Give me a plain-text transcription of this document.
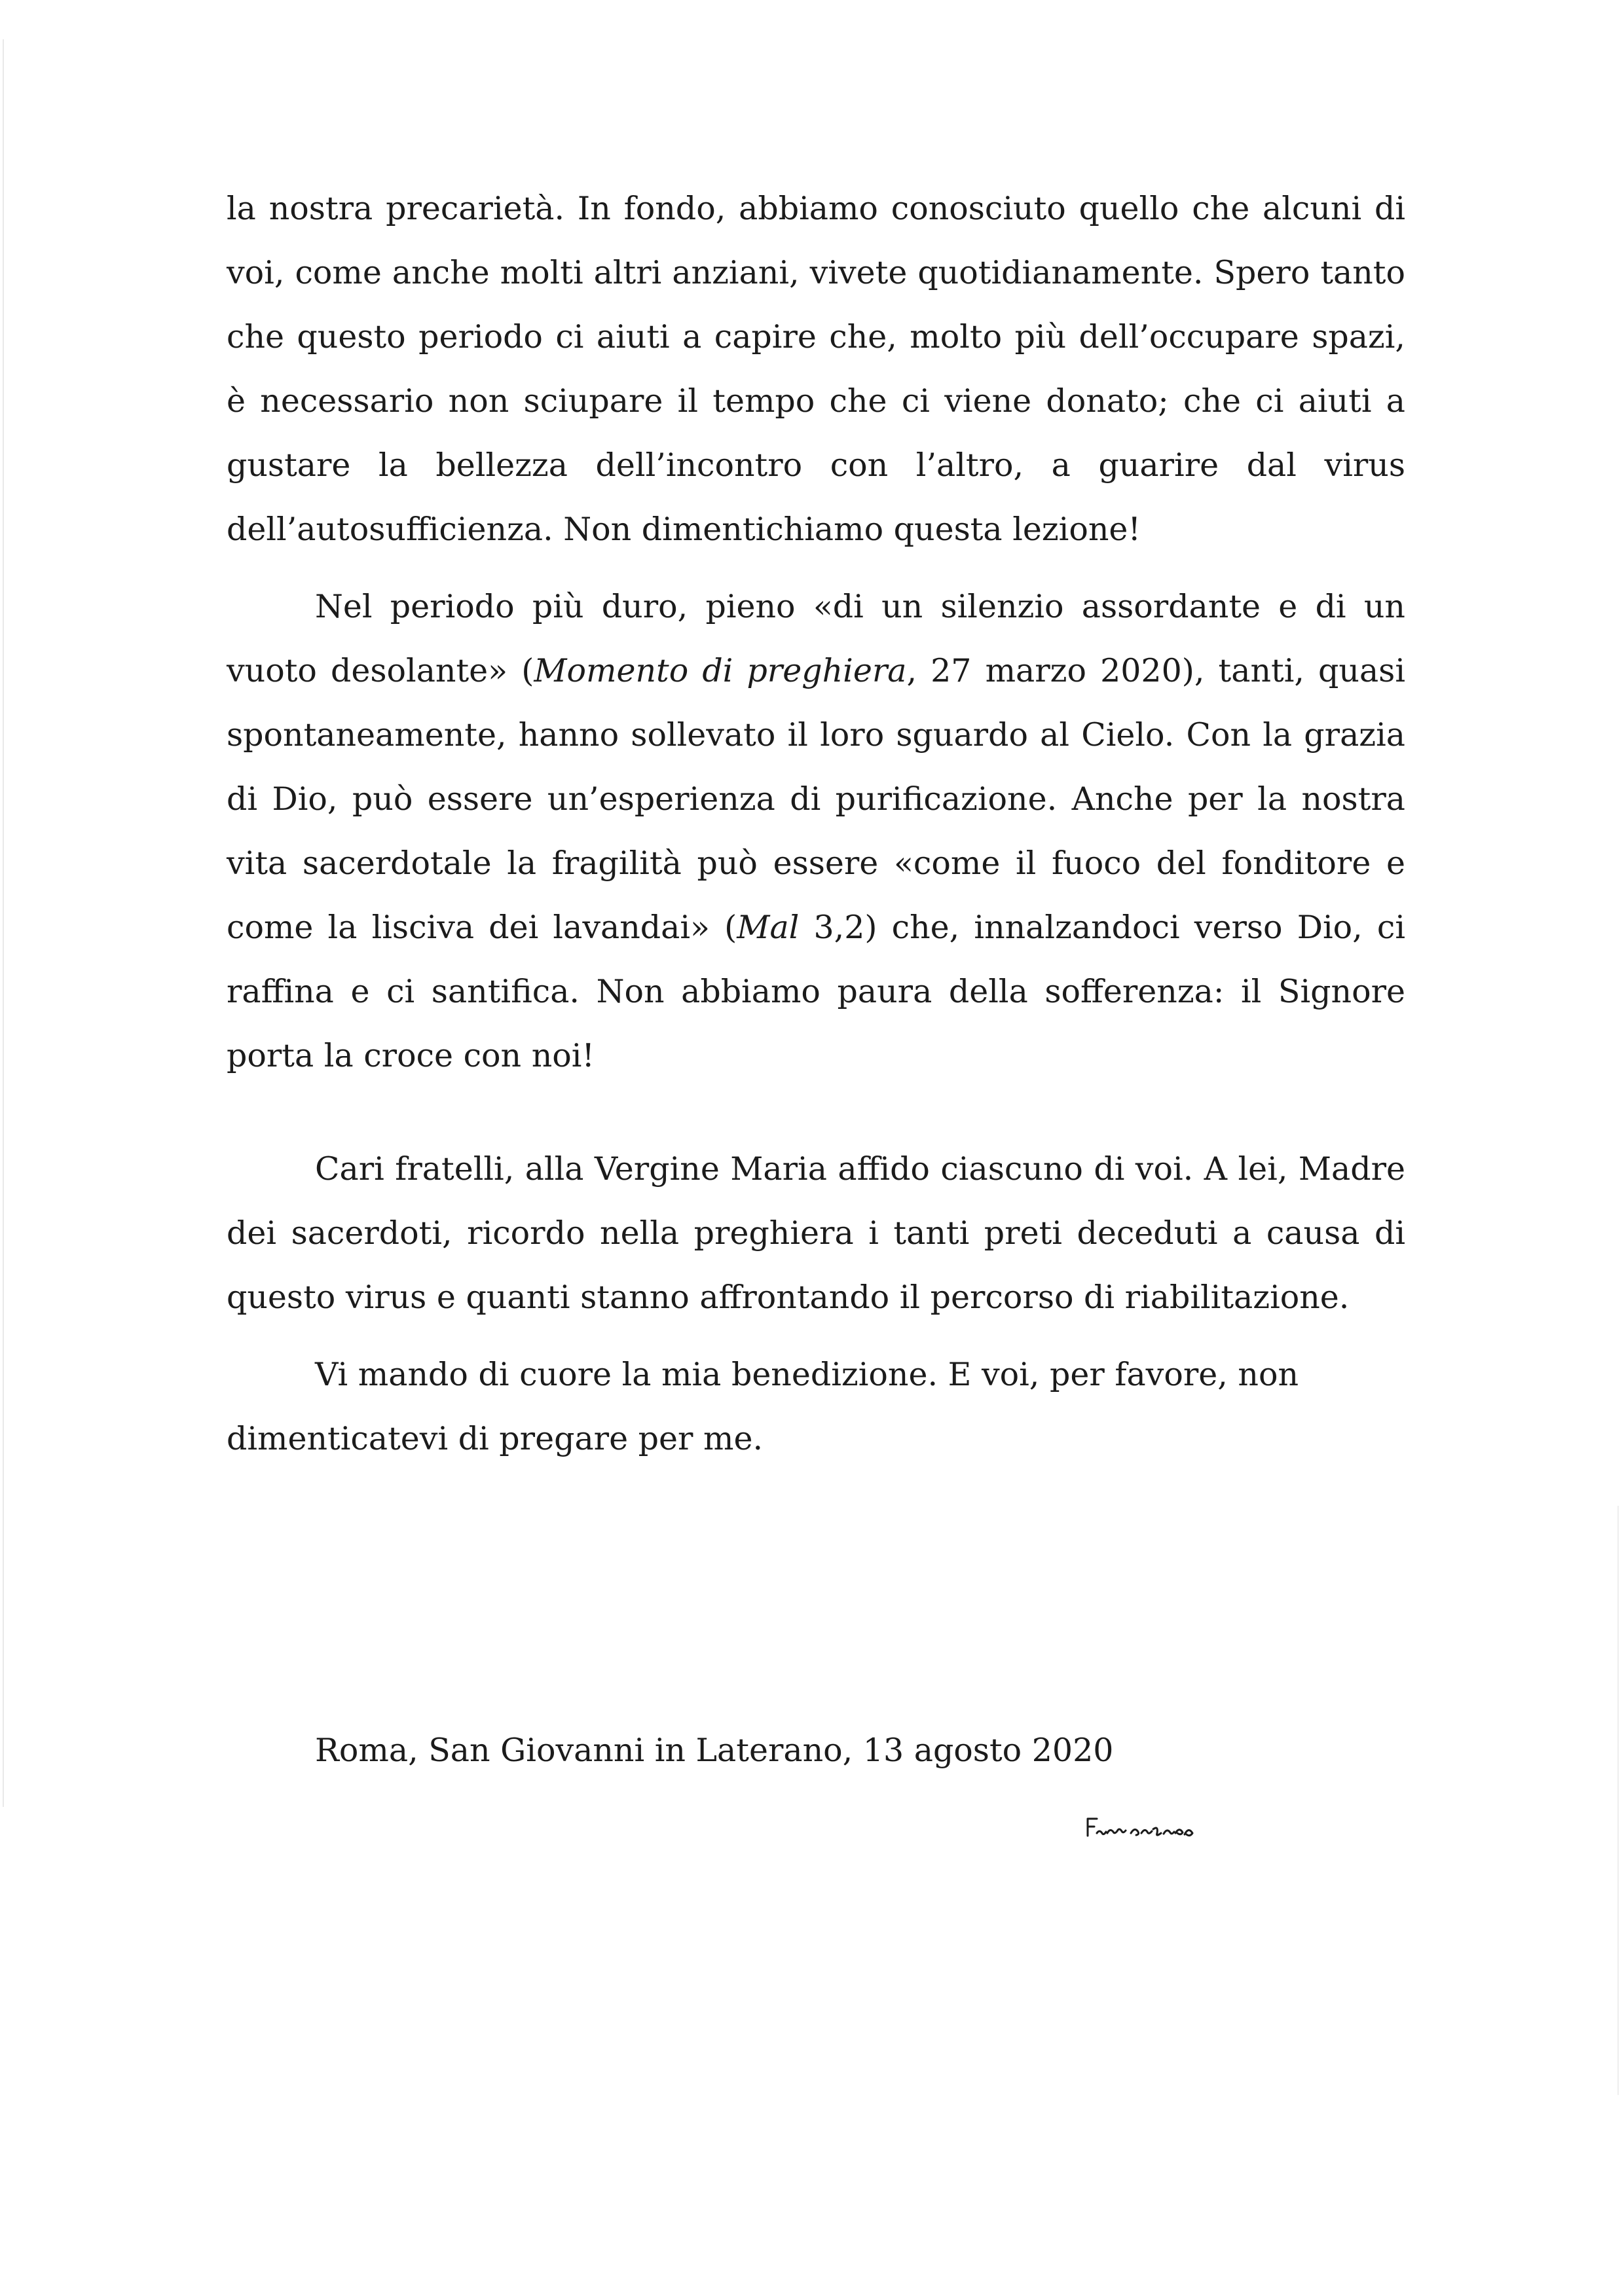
la nostra precarietà. In fondo, abbiamo conosciuto quello che alcuni di voi, come anche molti altri anziani, vivete quotidianamente. Spero tanto che questo periodo ci aiuti a capire che, molto più dell’occupare spazi, è necessario non sciupare il tempo che ci viene donato; che ci aiuti a gustare la bellezza dell’incontro con l’altro, a guarire dal virus dell’autosufficienza. Non dimentichiamo questa lezione!

Nel periodo più duro, pieno «di un silenzio assordante e di un vuoto desolante» (Momento di preghiera, 27 marzo 2020), tanti, quasi spontaneamente, hanno sollevato il loro sguardo al Cielo. Con la grazia di Dio, può essere un’esperienza di purificazione. Anche per la nostra vita sacerdotale la fragilità può essere «come il fuoco del fonditore e come la lisciva dei lavandai» (Mal 3,2) che, innalzandoci verso Dio, ci raffina e ci santifica. Non abbiamo paura della sofferenza: il Signore porta la croce con noi!

Cari fratelli, alla Vergine Maria affido ciascuno di voi. A lei, Madre dei sacerdoti, ricordo nella preghiera i tanti preti deceduti a causa di questo virus e quanti stanno affrontando il percorso di riabilitazione.

Vi mando di cuore la mia benedizione. E voi, per favore, non dimenticatevi di pregare per me.

Roma, San Giovanni in Laterano, 13 agosto 2020
